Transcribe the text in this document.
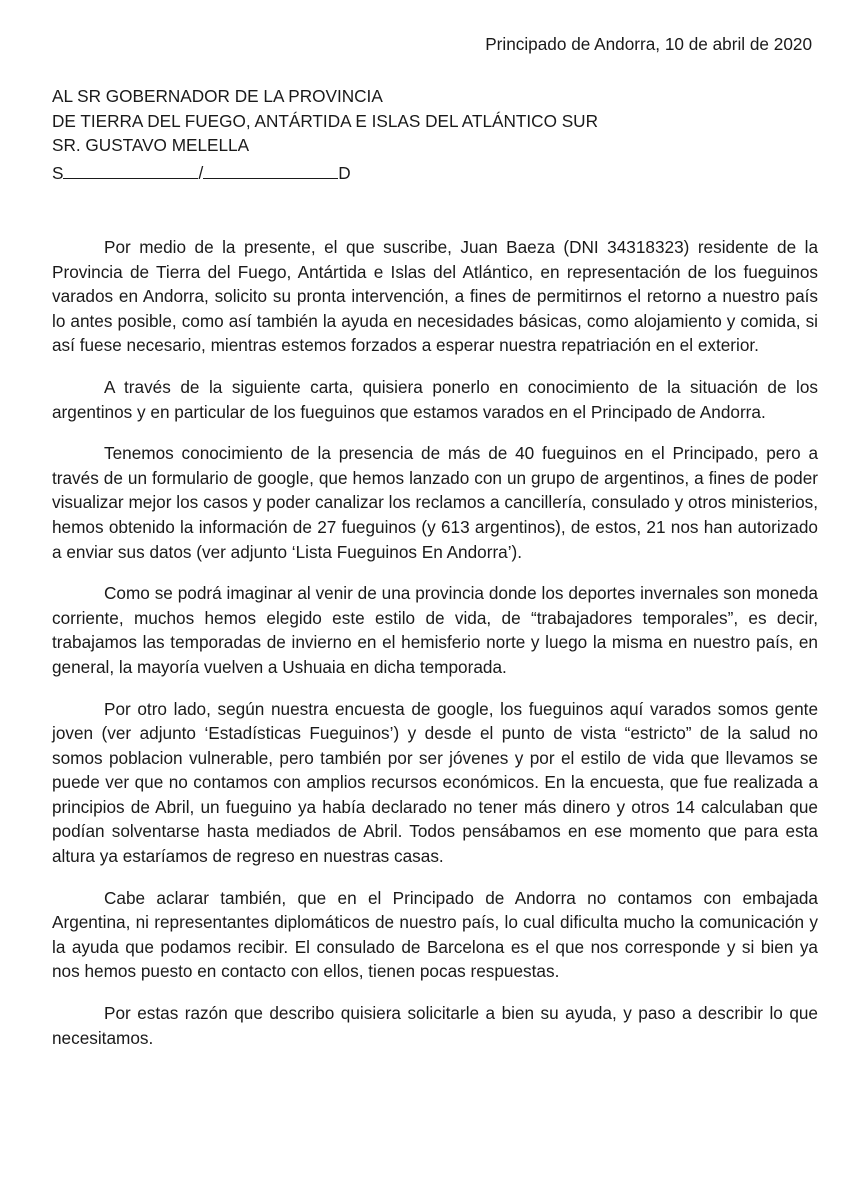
Principado de Andorra, 10 de abril de 2020
AL SR GOBERNADOR DE LA PROVINCIA
DE TIERRA DEL FUEGO, ANTÁRTIDA E ISLAS DEL ATLÁNTICO SUR
SR. GUSTAVO MELELLA
S	/	D

Por medio de la presente, el que suscribe, Juan Baeza (DNI 34318323) residente de la Provincia de Tierra del Fuego, Antártida e Islas del Atlántico, en representación de los fueguinos varados en Andorra, solicito su pronta intervención, a fines de permitirnos el retorno a nuestro país lo antes posible, como así también la ayuda en necesidades básicas, como alojamiento y comida, si así fuese necesario, mientras estemos forzados a esperar nuestra repatriación en el exterior.

A través de la siguiente carta, quisiera ponerlo en conocimiento de la situación de los argentinos y en particular de los fueguinos que estamos varados en el Principado de Andorra.

Tenemos conocimiento de la presencia de más de 40 fueguinos en el Principado, pero a través de un formulario de google, que hemos lanzado con un grupo de argentinos, a fines de poder visualizar mejor los casos y poder canalizar los reclamos a cancillería, consulado y otros ministerios, hemos obtenido la información de 27 fueguinos (y 613 argentinos), de estos, 21 nos han autorizado a enviar sus datos (ver adjunto ‘Lista Fueguinos En Andorra’).

Como se podrá imaginar al venir de una provincia donde los deportes invernales son moneda corriente, muchos hemos elegido este estilo de vida, de “trabajadores temporales”, es decir, trabajamos las temporadas de invierno en el hemisferio norte y luego la misma en nuestro país, en general, la mayoría vuelven a Ushuaia en dicha temporada.

Por otro lado, según nuestra encuesta de google, los fueguinos aquí varados somos gente joven (ver adjunto ‘Estadísticas Fueguinos’) y desde el punto de vista “estricto” de la salud no somos poblacion vulnerable, pero también por ser jóvenes y por el estilo de vida que llevamos se puede ver que no contamos con amplios recursos económicos. En la encuesta, que fue realizada a principios de Abril, un fueguino ya había declarado no tener más dinero y otros 14 calculaban que podían solventarse hasta mediados de Abril. Todos pensábamos en ese momento que para esta altura ya estaríamos de regreso en nuestras casas.

Cabe aclarar también, que en el Principado de Andorra no contamos con embajada Argentina, ni representantes diplomáticos de nuestro país, lo cual dificulta mucho la comunicación y la ayuda que podamos recibir. El consulado de Barcelona es el que nos corresponde y si bien ya nos hemos puesto en contacto con ellos, tienen pocas respuestas.

Por estas razón que describo quisiera solicitarle a bien su ayuda, y paso a describir lo que necesitamos.
